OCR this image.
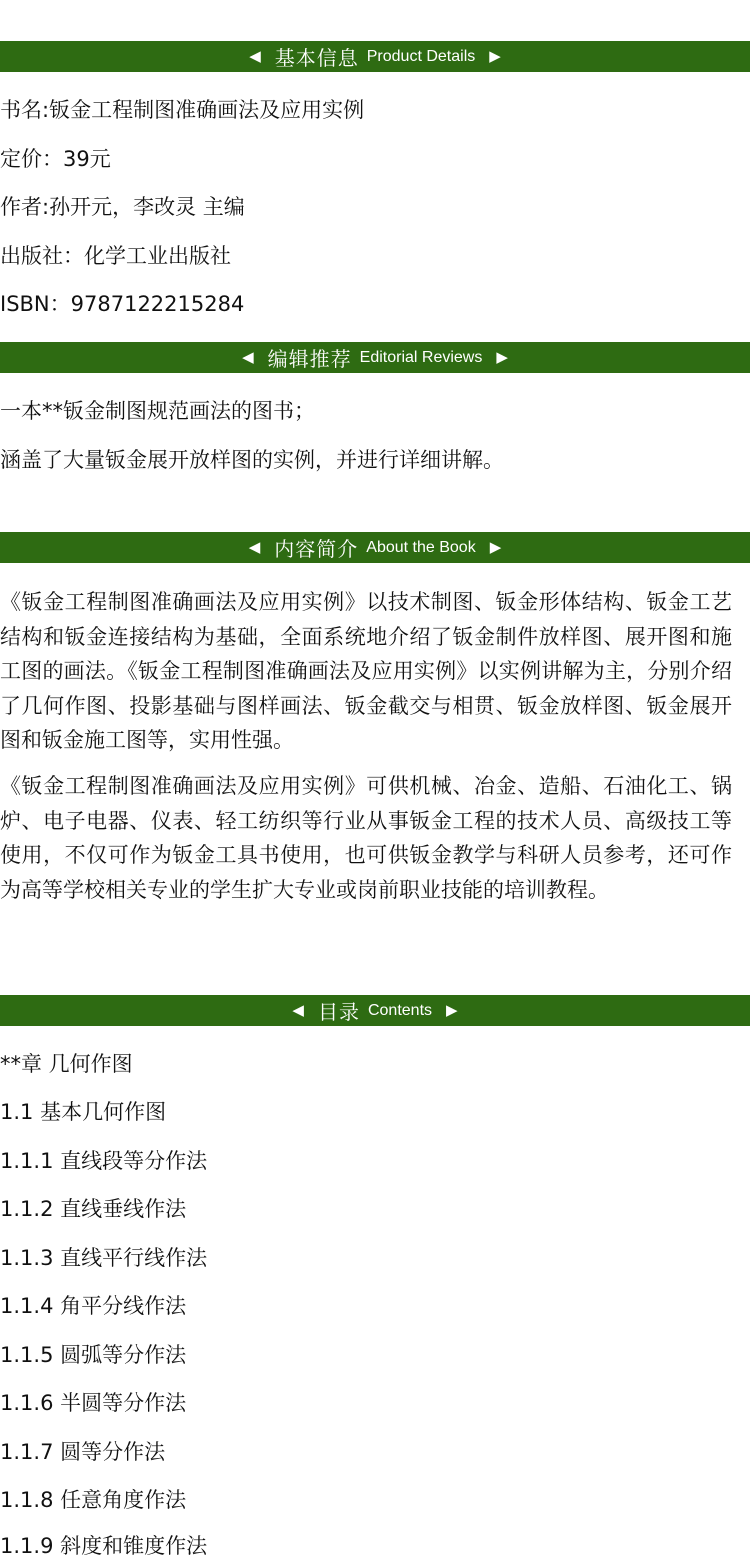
◀ 基本信息 Product Details ▶
书名:钣金工程制图准确画法及应用实例
定价：39元
作者:孙开元，李改灵 主编
出版社：化学工业出版社
ISBN：9787122215284
◀ 编辑推荐 Editorial Reviews ▶
一本**钣金制图规范画法的图书；
涵盖了大量钣金展开放样图的实例，并进行详细讲解。
◀ 内容简介 About the Book ▶
《钣金工程制图准确画法及应用实例》以技术制图、钣金形体结构、钣金工艺结构和钣金连接结构为基础，全面系统地介绍了钣金制件放样图、展开图和施工图的画法。《钣金工程制图准确画法及应用实例》以实例讲解为主，分别介绍了几何作图、投影基础与图样画法、钣金截交与相贯、钣金放样图、钣金展开图和钣金施工图等，实用性强。
《钣金工程制图准确画法及应用实例》可供机械、冶金、造船、石油化工、锅炉、电子电器、仪表、轻工纺织等行业从事钣金工程的技术人员、高级技工等使用，不仅可作为钣金工具书使用，也可供钣金教学与科研人员参考，还可作为高等学校相关专业的学生扩大专业或岗前职业技能的培训教程。
◀ 目录 Contents ▶
**章 几何作图
1.1 基本几何作图
1.1.1 直线段等分作法
1.1.2 直线垂线作法
1.1.3 直线平行线作法
1.1.4 角平分线作法
1.1.5 圆弧等分作法
1.1.6 半圆等分作法
1.1.7 圆等分作法
1.1.8 任意角度作法
1.1.9 斜度和锥度作法
